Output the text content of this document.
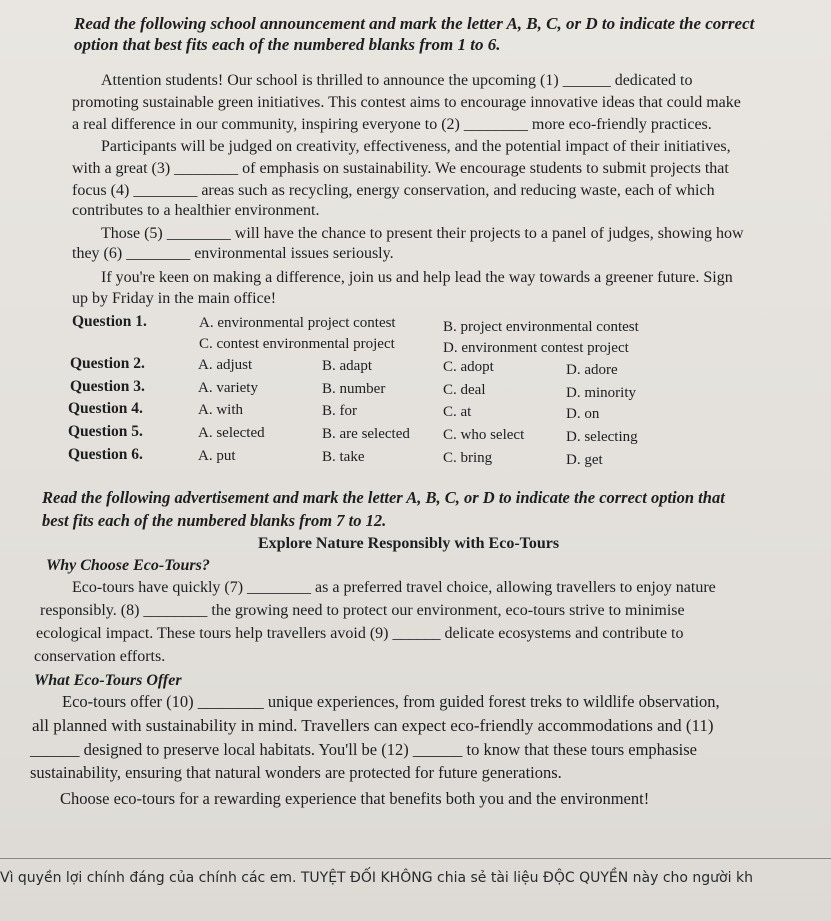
Read the following school announcement and mark the letter A, B, C, or D to indicate the correct
option that best fits each of the numbered blanks from 1 to 6.
Attention students! Our school is thrilled to announce the upcoming (1) ______ dedicated to
promoting sustainable green initiatives. This contest aims to encourage innovative ideas that could make
a real difference in our community, inspiring everyone to (2) ________ more eco-friendly practices.
Participants will be judged on creativity, effectiveness, and the potential impact of their initiatives,
with a great (3) ________ of emphasis on sustainability. We encourage students to submit projects that
focus (4) ________ areas such as recycling, energy conservation, and reducing waste, each of which
contributes to a healthier environment.
Those (5) ________ will have the chance to present their projects to a panel of judges, showing how
they (6) ________ environmental issues seriously.
If you're keen on making a difference, join us and help lead the way towards a greener future. Sign
up by Friday in the main office!
Question 1.	A. environmental project contest	B. project environmental contest
C. contest environmental project	D. environment contest project
Question 2.	A. adjust	B. adapt	C. adopt	D. adore
Question 3.	A. variety	B. number	C. deal	D. minority
Question 4.	A. with	B. for	C. at	D. on
Question 5.	A. selected	B. are selected C. who select	D. selecting
Question 6.	A. put	B. take	C. bring	D. get
Read the following advertisement and mark the letter A, B, C, or D to indicate the correct option that
best fits each of the numbered blanks from 7 to 12.
Explore Nature Responsibly with Eco-Tours
Why Choose Eco-Tours?
Eco-tours have quickly (7) ________ as a preferred travel choice, allowing travellers to enjoy nature
responsibly. (8) ________ the growing need to protect our environment, eco-tours strive to minimise
ecological impact. These tours help travellers avoid (9) ______ delicate ecosystems and contribute to
conservation efforts.
What Eco-Tours Offer
Eco-tours offer (10) ________ unique experiences, from guided forest treks to wildlife observation,
all planned with sustainability in mind. Travellers can expect eco-friendly accommodations and (11)
______ designed to preserve local habitats. You'll be (12) ______ to know that these tours emphasise
sustainability, ensuring that natural wonders are protected for future generations.
Choose eco-tours for a rewarding experience that benefits both you and the environment!
Vì quyền lợi chính đáng của chính các em. TUYỆT ĐỐI KHÔNG chia sẻ tài liệu ĐỘC QUYỀN này cho người kh
